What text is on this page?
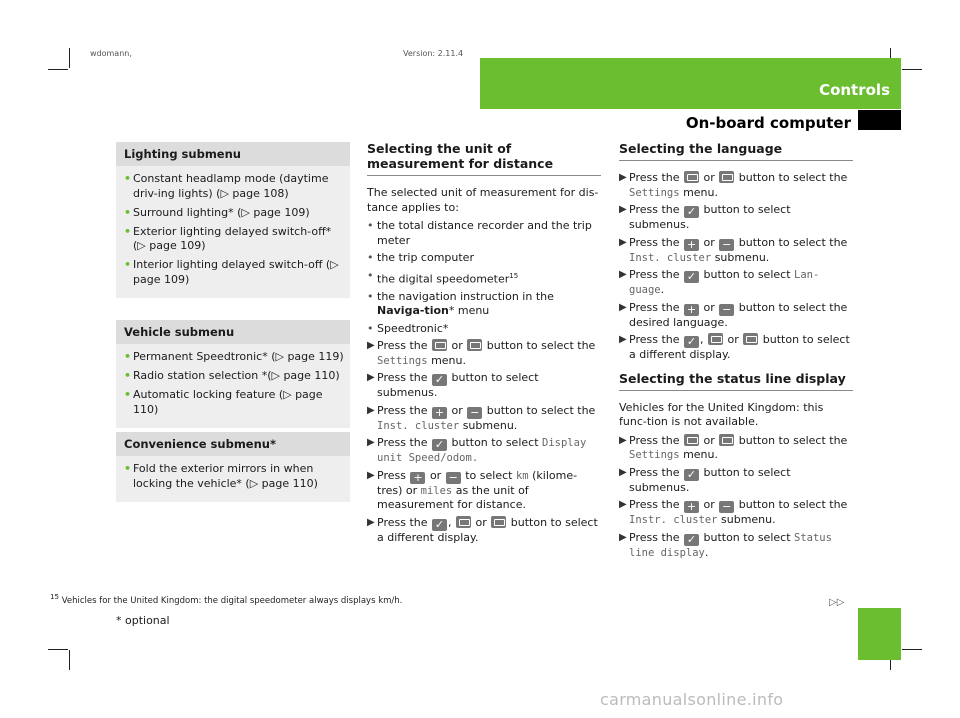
wdomann,	Version: 2.11.4
Controls
On-board computer
Lighting submenu
• Constant headlamp mode (daytime driv-ing lights) (▷ page 108)
• Surround lighting* (▷ page 109)
• Exterior lighting delayed switch-off* (▷ page 109)
• Interior lighting delayed switch-off (▷ page 109)
Vehicle submenu
• Permanent Speedtronic* (▷ page 119)
• Radio station selection *(▷ page 110)
• Automatic locking feature (▷ page 110)
Convenience submenu*
• Fold the exterior mirrors in when locking the vehicle* (▷ page 110)
Selecting the unit of measurement for distance
The selected unit of measurement for dis-tance applies to:
• the total distance recorder and the trip meter
• the trip computer
• the digital speedometer$^{15}$
• the navigation instruction in the Naviga-tion* menu
• Speedtronic*
▶ Press the or button to select the Settings menu.
▶ Press the ✓ button to select submenus.
▶ Press the + or − button to select the Inst. cluster submenu.
▶ Press the ✓ button to select Display unit Speed/odom.
▶ Press + or − to select km (kilome-tres) or miles as the unit of measurement for distance.
▶ Press the ✓ ,  or button to select a different display.
Selecting the language
▶ Press the or button to select the Settings menu.
▶ Press the ✓ button to select submenus.
▶ Press the + or − button to select the Inst. cluster submenu.
▶ Press the ✓ button to select Lan-guage.
▶ Press the + or − button to select the desired language.
▶ Press the ✓ ,  or button to select a different display.
Selecting the status line display
Vehicles for the United Kingdom: this func-tion is not available.
▶ Press the or button to select the Settings menu.
▶ Press the ✓ button to select submenus.
▶ Press the + or − button to select the Instr. cluster submenu.
▶ Press the ✓ button to select Status line display.
▷▷
$^{15}$ Vehicles for the United Kingdom: the digital speedometer always displays km/h.
* optional	107
carmanualsonline.info
